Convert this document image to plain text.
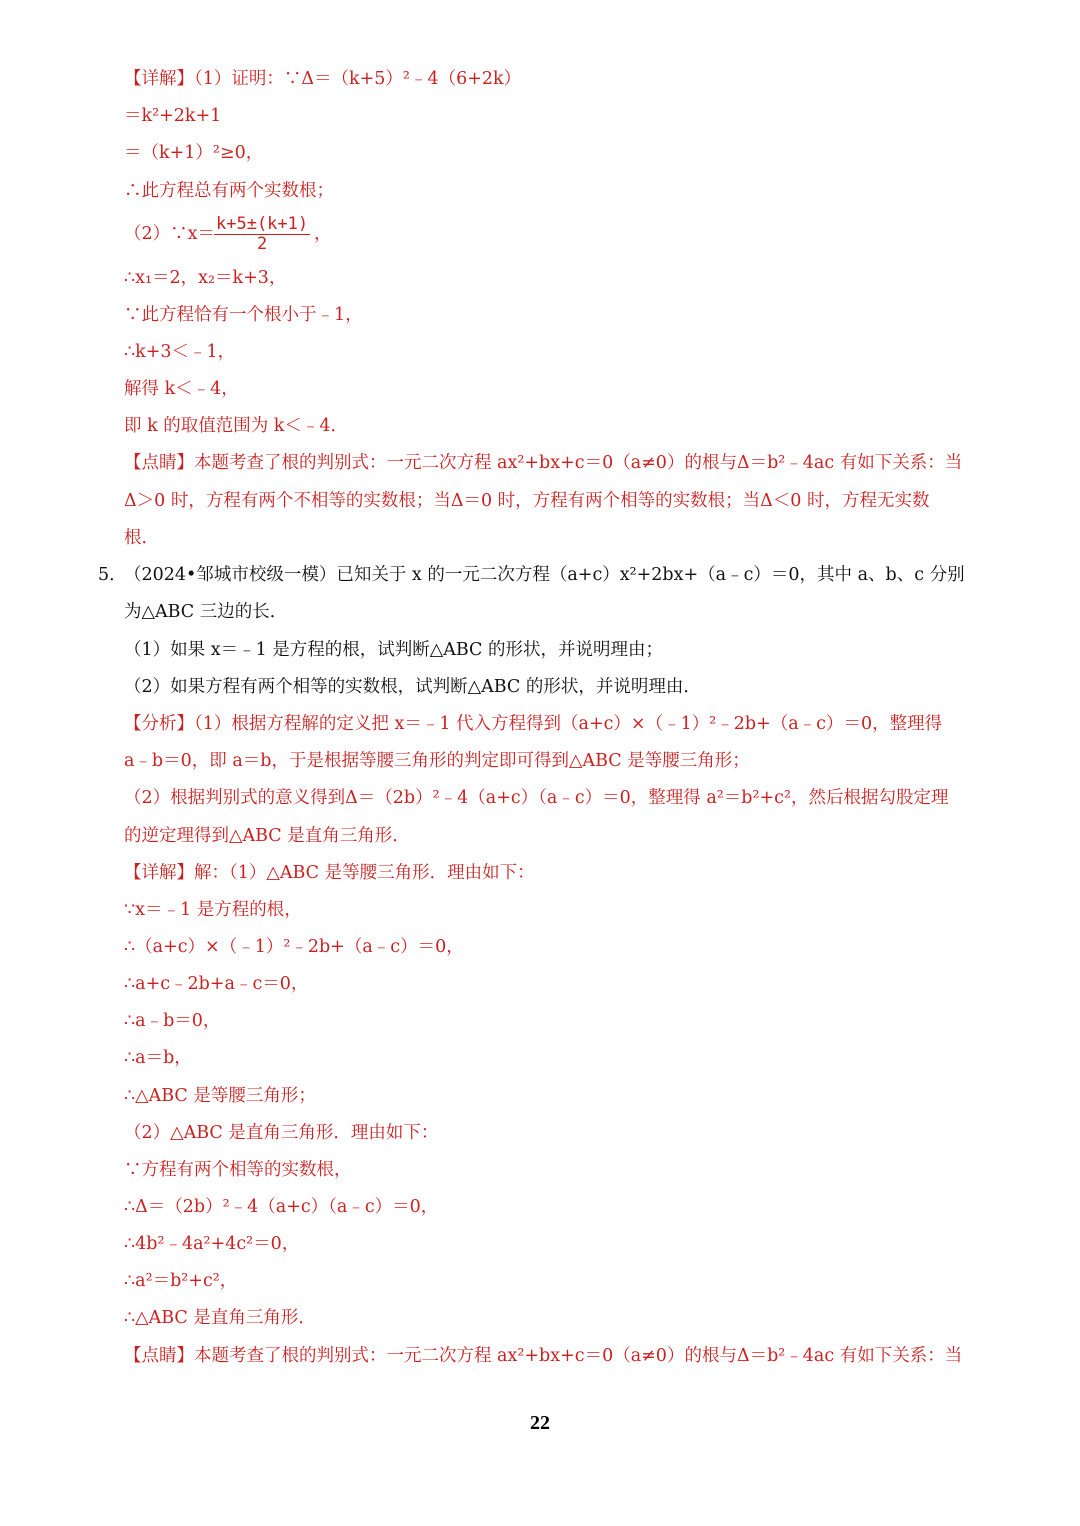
【详解】（1）证明：∵Δ＝（k+5）²﹣4（6+2k）
＝k²+2k+1
＝（k+1）²≥0，
∴此方程总有两个实数根；
（2）∵x＝ k+5±(k+1)
2	，
∴x₁＝2，x₂＝k+3，
∵此方程恰有一个根小于﹣1，
∴k+3＜﹣1，
解得 k＜﹣4，
即 k 的取值范围为 k＜﹣4．
【点睛】本题考查了根的判别式：一元二次方程 ax²+bx+c＝0（a≠0）的根与Δ＝b²﹣4ac 有如下关系：当
Δ＞0 时，方程有两个不相等的实数根；当Δ＝0 时，方程有两个相等的实数根；当Δ＜0 时，方程无实数
根．
5．
（2024•邹城市校级一模）已知关于 x 的一元二次方程（a+c）x²+2bx+（a﹣c）＝0，其中 a、b、c 分别
为△ABC 三边的长．
（1）如果 x＝﹣1 是方程的根，试判断△ABC 的形状，并说明理由；
（2）如果方程有两个相等的实数根，试判断△ABC 的形状，并说明理由．
【分析】（1）根据方程解的定义把 x＝﹣1 代入方程得到（a+c）×（﹣1）²﹣2b+（a﹣c）＝0，整理得
a﹣b＝0，即 a＝b，于是根据等腰三角形的判定即可得到△ABC 是等腰三角形；
（2）根据判别式的意义得到Δ＝（2b）²﹣4（a+c）（a﹣c）＝0，整理得 a²＝b²+c²，然后根据勾股定理
的逆定理得到△ABC 是直角三角形．
【详解】解：（1）△ABC 是等腰三角形．理由如下：
∵x＝﹣1 是方程的根，
∴（a+c）×（﹣1）²﹣2b+（a﹣c）＝0，
∴a+c﹣2b+a﹣c＝0，
∴a﹣b＝0，
∴a＝b，
∴△ABC 是等腰三角形；
（2）△ABC 是直角三角形．理由如下：
∵方程有两个相等的实数根，
∴Δ＝（2b）²﹣4（a+c）（a﹣c）＝0，
∴4b²﹣4a²+4c²＝0，
∴a²＝b²+c²，
∴△ABC 是直角三角形．
【点睛】本题考查了根的判别式：一元二次方程 ax²+bx+c＝0（a≠0）的根与Δ＝b²﹣4ac 有如下关系：当
22
